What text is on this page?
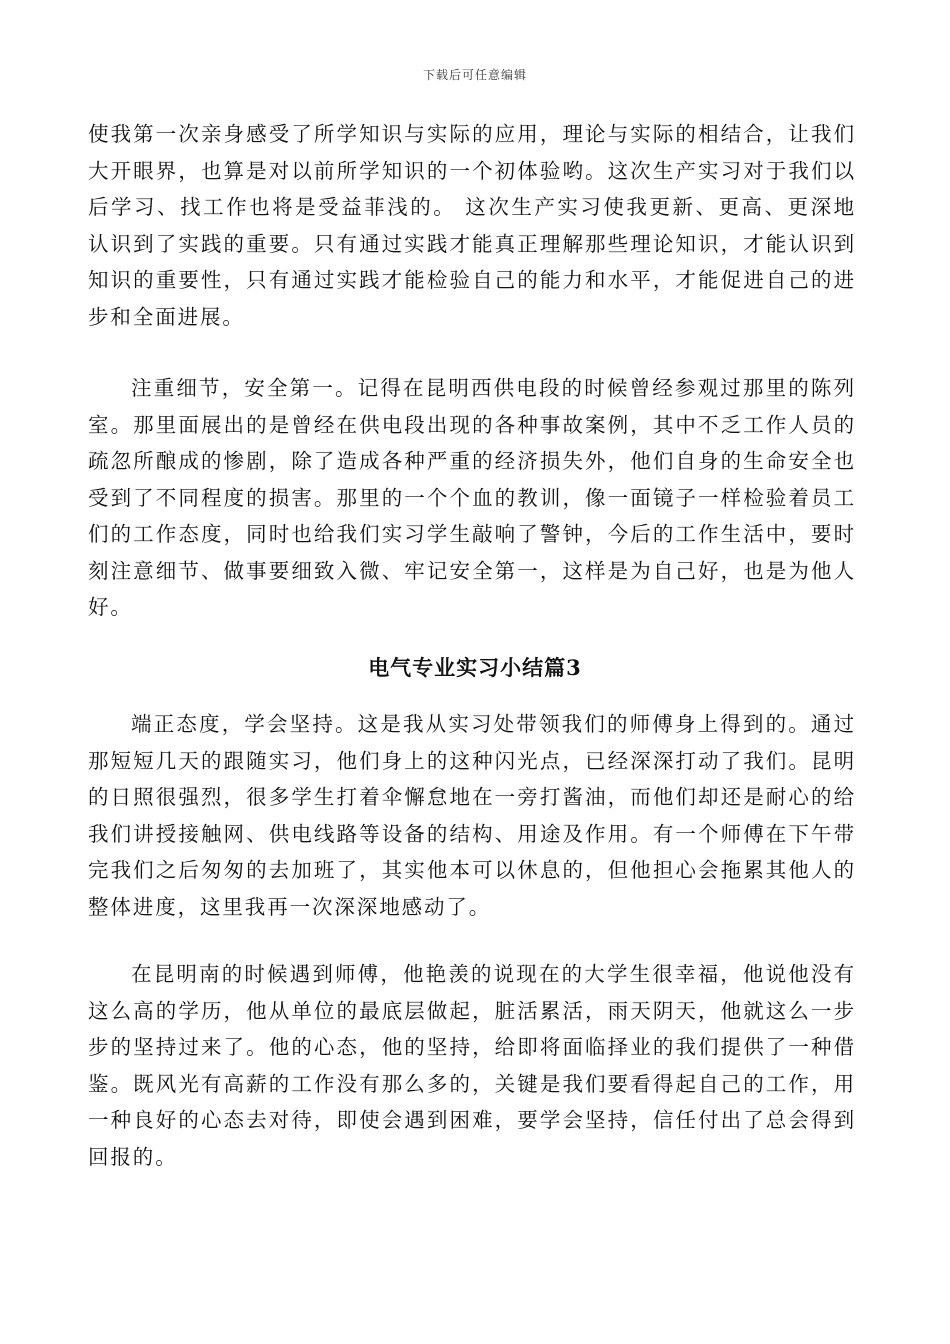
下载后可任意编辑

使我第一次亲身感受了所学知识与实际的应用，理论与实际的相结合，让我们大开眼界，也算是对以前所学知识的一个初体验哟。这次生产实习对于我们以后学习、找工作也将是受益菲浅的。 这次生产实习使我更新、更高、更深地认识到了实践的重要。只有通过实践才能真正理解那些理论知识，才能认识到知识的重要性，只有通过实践才能检验自己的能力和水平，才能促进自己的进步和全面进展。

注重细节，安全第一。记得在昆明西供电段的时候曾经参观过那里的陈列室。那里面展出的是曾经在供电段出现的各种事故案例，其中不乏工作人员的疏忽所酿成的惨剧，除了造成各种严重的经济损失外，他们自身的生命安全也受到了不同程度的损害。那里的一个个血的教训，像一面镜子一样检验着员工们的工作态度，同时也给我们实习学生敲响了警钟，今后的工作生活中，要时刻注意细节、做事要细致入微、牢记安全第一，这样是为自己好，也是为他人好。

电气专业实习小结篇3

端正态度，学会坚持。这是我从实习处带领我们的师傅身上得到的。通过那短短几天的跟随实习，他们身上的这种闪光点，已经深深打动了我们。昆明的日照很强烈，很多学生打着伞懈怠地在一旁打酱油，而他们却还是耐心的给我们讲授接触网、供电线路等设备的结构、用途及作用。有一个师傅在下午带完我们之后匆匆的去加班了，其实他本可以休息的，但他担心会拖累其他人的整体进度，这里我再一次深深地感动了。

在昆明南的时候遇到师傅，他艳羡的说现在的大学生很幸福，他说他没有这么高的学历，他从单位的最底层做起，脏活累活，雨天阴天，他就这么一步步的坚持过来了。他的心态，他的坚持，给即将面临择业的我们提供了一种借鉴。既风光有高薪的工作没有那么多的，关键是我们要看得起自己的工作，用一种良好的心态去对待，即使会遇到困难，要学会坚持，信任付出了总会得到回报的。
